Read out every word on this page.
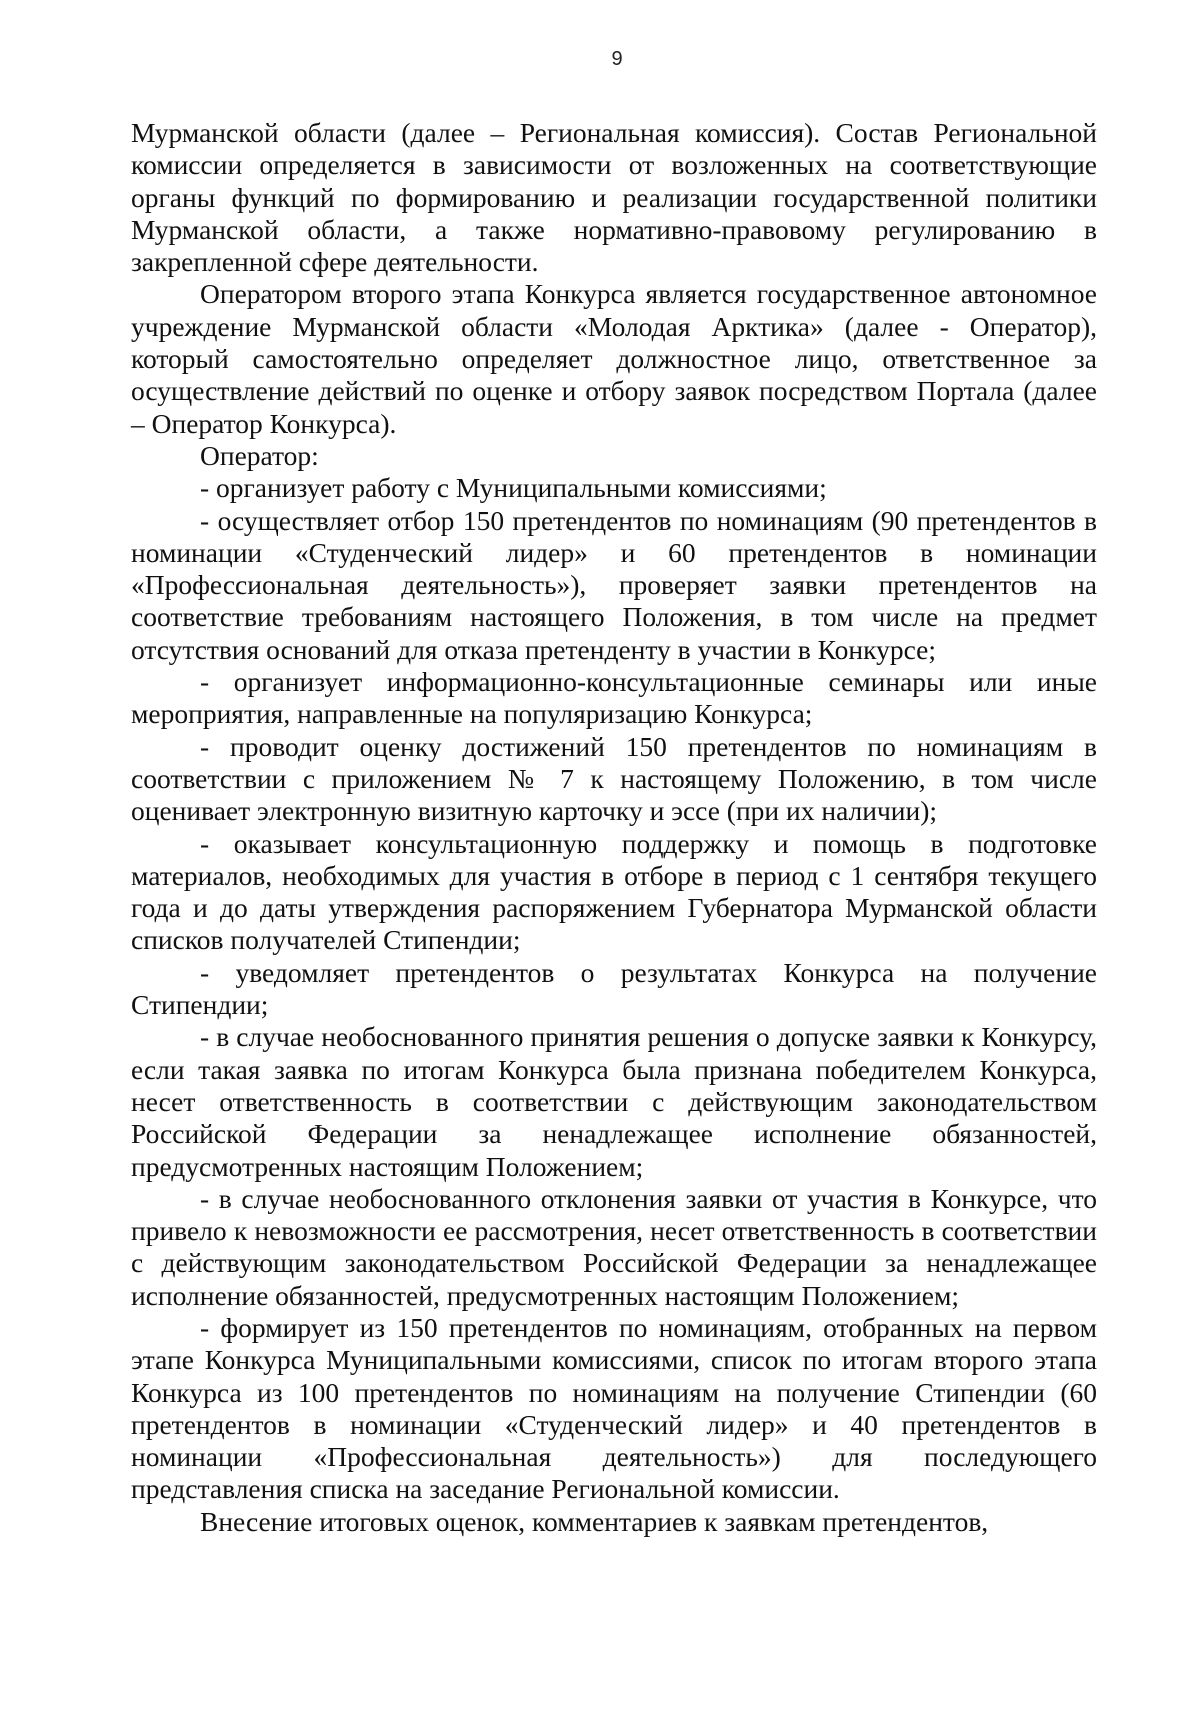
9

Мурманской области (далее – Региональная комиссия). Состав Региональной комиссии определяется в зависимости от возложенных на соответствующие органы функций по формированию и реализации государственной политики Мурманской области, а также нормативно-правовому регулированию в закрепленной сфере деятельности.

Оператором второго этапа Конкурса является государственное автономное учреждение Мурманской области «Молодая Арктика» (далее - Оператор), который самостоятельно определяет должностное лицо, ответственное за осуществление действий по оценке и отбору заявок посредством Портала (далее – Оператор Конкурса).

Оператор:

- организует работу с Муниципальными комиссиями;

- осуществляет отбор 150 претендентов по номинациям (90 претендентов в номинации «Студенческий лидер» и 60 претендентов в номинации «Профессиональная деятельность»), проверяет заявки претендентов на соответствие требованиям настоящего Положения, в том числе на предмет отсутствия оснований для отказа претенденту в участии в Конкурсе;

- организует информационно-консультационные семинары или иные мероприятия, направленные на популяризацию Конкурса;

- проводит оценку достижений 150 претендентов по номинациям в соответствии с приложением № 7 к настоящему Положению, в том числе оценивает электронную визитную карточку и эссе (при их наличии);

- оказывает консультационную поддержку и помощь в подготовке материалов, необходимых для участия в отборе в период с 1 сентября текущего года и до даты утверждения распоряжением Губернатора Мурманской области списков получателей Стипендии;

- уведомляет претендентов о результатах Конкурса на получение Стипендии;

- в случае необоснованного принятия решения о допуске заявки к Конкурсу, если такая заявка по итогам Конкурса была признана победителем Конкурса, несет ответственность в соответствии с действующим законодательством Российской Федерации за ненадлежащее исполнение обязанностей, предусмотренных настоящим Положением;

- в случае необоснованного отклонения заявки от участия в Конкурсе, что привело к невозможности ее рассмотрения, несет ответственность в соответствии с действующим законодательством Российской Федерации за ненадлежащее исполнение обязанностей, предусмотренных настоящим Положением;

- формирует из 150 претендентов по номинациям, отобранных на первом этапе Конкурса Муниципальными комиссиями, список по итогам второго этапа Конкурса из 100 претендентов по номинациям на получение Стипендии (60 претендентов в номинации «Студенческий лидер» и 40 претендентов в номинации «Профессиональная деятельность») для последующего представления списка на заседание Региональной комиссии.

Внесение итоговых оценок, комментариев к заявкам претендентов,
